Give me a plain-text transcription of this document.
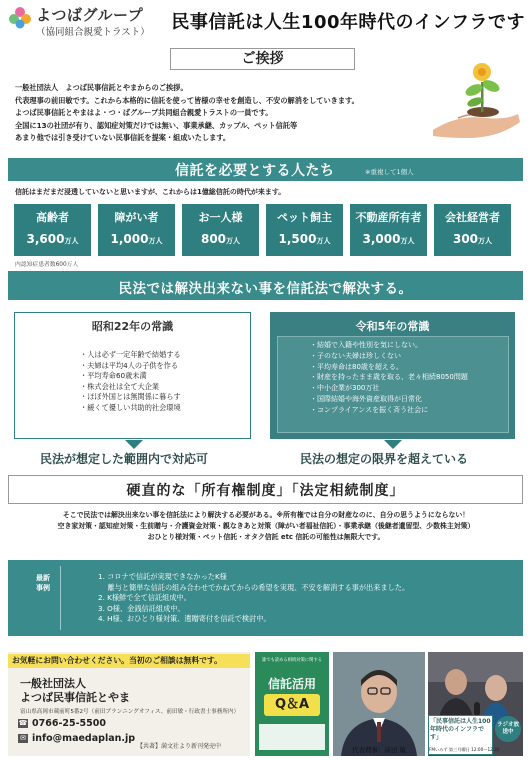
よつばグループ
（協同組合親愛トラスト） 民事信託は人生100年時代のインフラです
ご挨拶
一般社団法人　よつば民事信託とやまからのご挨拶。
代表理事の前田敏です。これから本格的に信託を使って皆様の幸せを創造し、不安の解消をしていきます。
よつば民事信託とやまはよ・つ・ばグループ共同組合親愛トラストの一員です。
全国に13の社団が有り、認知症対策だけでは無い、事業承継、カップル、ペット信託等
あまり他では引き受けていない民事信託を提案・組成いたします。
信託を必要とする人たち	※重複して1個人
信託はまだまだ浸透していないと思いますが、これからは1億総信託の時代が来ます。
高齢者
3,600万人
障がい者
1,000万人
お一人様
800万人
ペット飼主
1,500万人
不動産所有者
3,000万人
会社経営者
300万人
内認知症患者数600万人
民法では解決出来ない事を信託法で解決する。
昭和22年の常識
・人は必ず一定年齢で結婚する
・夫婦は平均4人の子供を作る
・平均寿命60歳未満
・株式会社は全て大企業
・ほぼ外国とは無関係に暮らす
・緩くて優しい共助的社会環境
令和5年の常識
・結婚で入籍や性別を気にしない。
・子のない夫婦は珍しくない
・平均寿命は80歳を超える。
・財産を持ったまま歳を取る、老々相続8050問題
・中小企業が300万社
・国際結婚や海外資産取得が日常化
・コンプライアンスを振く斉う社会に
民法が想定した範囲内で対応可	民法の想定の限界を超えている
硬直的な「所有権制度」「法定相続制度」
そこで民法では解決出来ない事を信託法により解決する必要がある。※所有権では自分の財産なのに、自分の思うようにならない！
空き家対策・認知症対策・生前贈与・介護資金対策・親なきあと対策（障がい者福祉信託）・事業承継（後継者遺留型、少数株主対策）
おひとり様対策・ペット信託・オタク信託 etc 信託の可能性は無限大です。
最新事例
1. コロナで信託が実現できなかったK様
　 離与と簡単な信託の組み合わせでかねてからの希望を実現、不安を解消する事が出来ました。
2. K様鮮で全て信託組成中。
3. O様、金銭信託組成中。
4. H様、おひとり様対策、遺贈寄付を信託で検討中。
お気軽にお問い合わせください。当初のご相談は無料です。
一般社団法人
よつば民事信託とやま
富山県高岡市蔵前町5番2号（前田プランニングオフィス、前田敏・行政書士事務所内）
☎ 0766-25-5500
✉ info@maedaplan.jp
【共著】満文社より新刊発売中
誰でも読める相続対策に関する
信託活用
Q＆A
代表理事：前田 敏
「民事信託は人生100年時代のインフラです」
FMいみず 第三月曜日 12:00～12:30
ラジオ放送中
